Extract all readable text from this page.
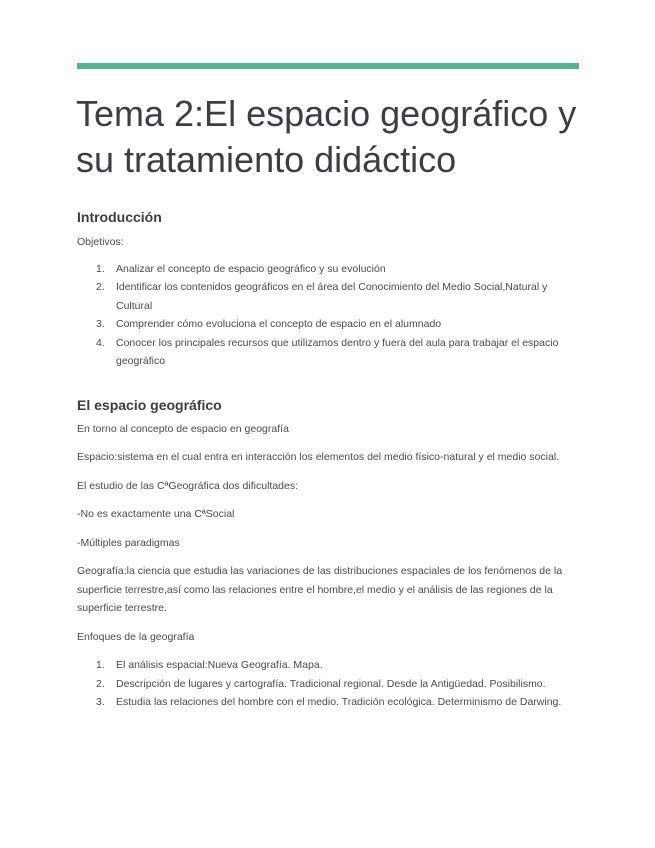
Tema 2:El espacio geográfico y su tratamiento didáctico
Introducción

Objetivos:

1. Analizar el concepto de espacio geográfico y su evolución
2. Identificar los contenidos geográficos en el área del Conocimiento del Medio Social,Natural y Cultural
3. Comprender cómo evoluciona el concepto de espacio en el alumnado
4. Conocer los principales recursos que utilizamos dentro y fuera del aula para trabajar el espacio geográfico
El espacio geográfico

En torno al concepto de espacio en geografía

Espacio:sistema en el cual entra en interacción los elementos del medio físico-natural y el medio social.

El estudio de las CªGeográfica dos dificultades:

-No es exactamente una CªSocial

-Múltiples paradigmas

Geografía:la ciencia que estudia las variaciones de las distribuciones espaciales de los fenómenos de la superficie terrestre,así como las relaciones entre el hombre,el medio y el análisis de las regiones de la superficie terrestre.

Enfoques de la geografía

1. El análisis espacial:Nueva Geografía. Mapa.
2. Descripción de lugares y cartografía. Tradicional regional. Desde la Antigüedad. Posibilismo.
3. Estudia las relaciones del hombre con el medio. Tradición ecológica. Determinismo de Darwing.
